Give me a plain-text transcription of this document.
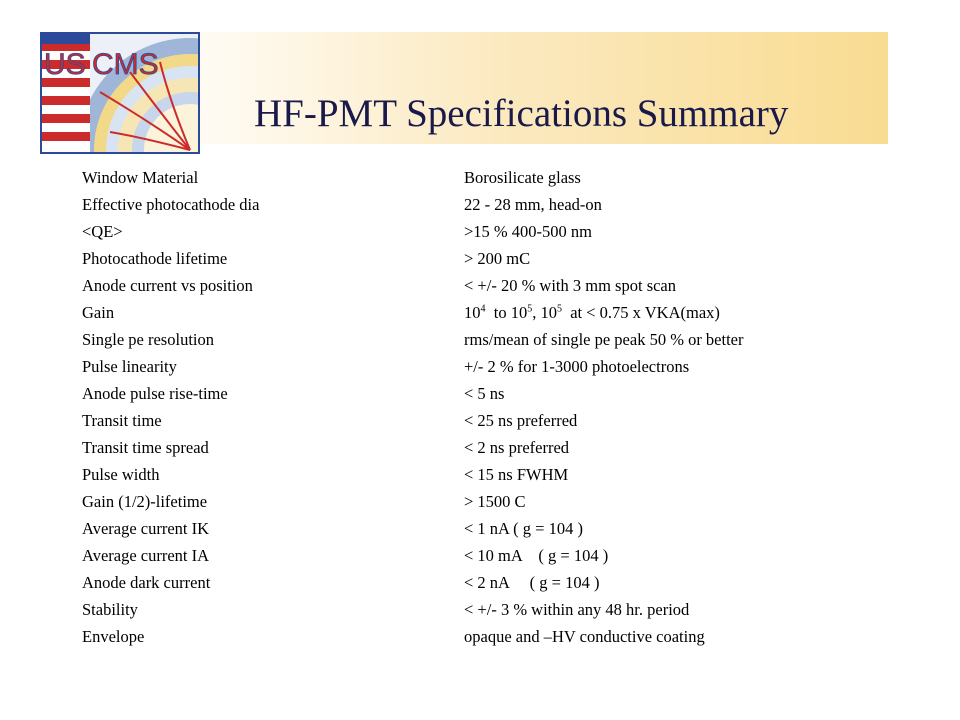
US CMS
HF-PMT Specifications Summary
Window Material	Borosilicate glass
Effective photocathode dia	22 - 28 mm, head-on
<QE>	>15 % 400-500 nm
Photocathode lifetime	> 200 mC
Anode current vs position	< +/- 20 % with 3 mm spot scan
Gain	$10^4$  to $10^5$, $10^5$  at < 0.75 x VKA(max)
Single pe resolution	rms/mean of single pe peak 50 % or better
Pulse linearity	+/- 2 % for 1-3000 photoelectrons
Anode pulse rise-time	< 5 ns
Transit time	< 25 ns preferred
Transit time spread	< 2 ns preferred
Pulse width	< 15 ns FWHM
Gain (1/2)-lifetime	> 1500 C
Average current IK	< 1 nA ( g = 104 )
Average current IA	< 10 mA    ( g = 104 )
Anode dark current	< 2 nA     ( g = 104 )
Stability	< +/- 3 % within any 48 hr. period
Envelope	opaque and –HV conductive coating
